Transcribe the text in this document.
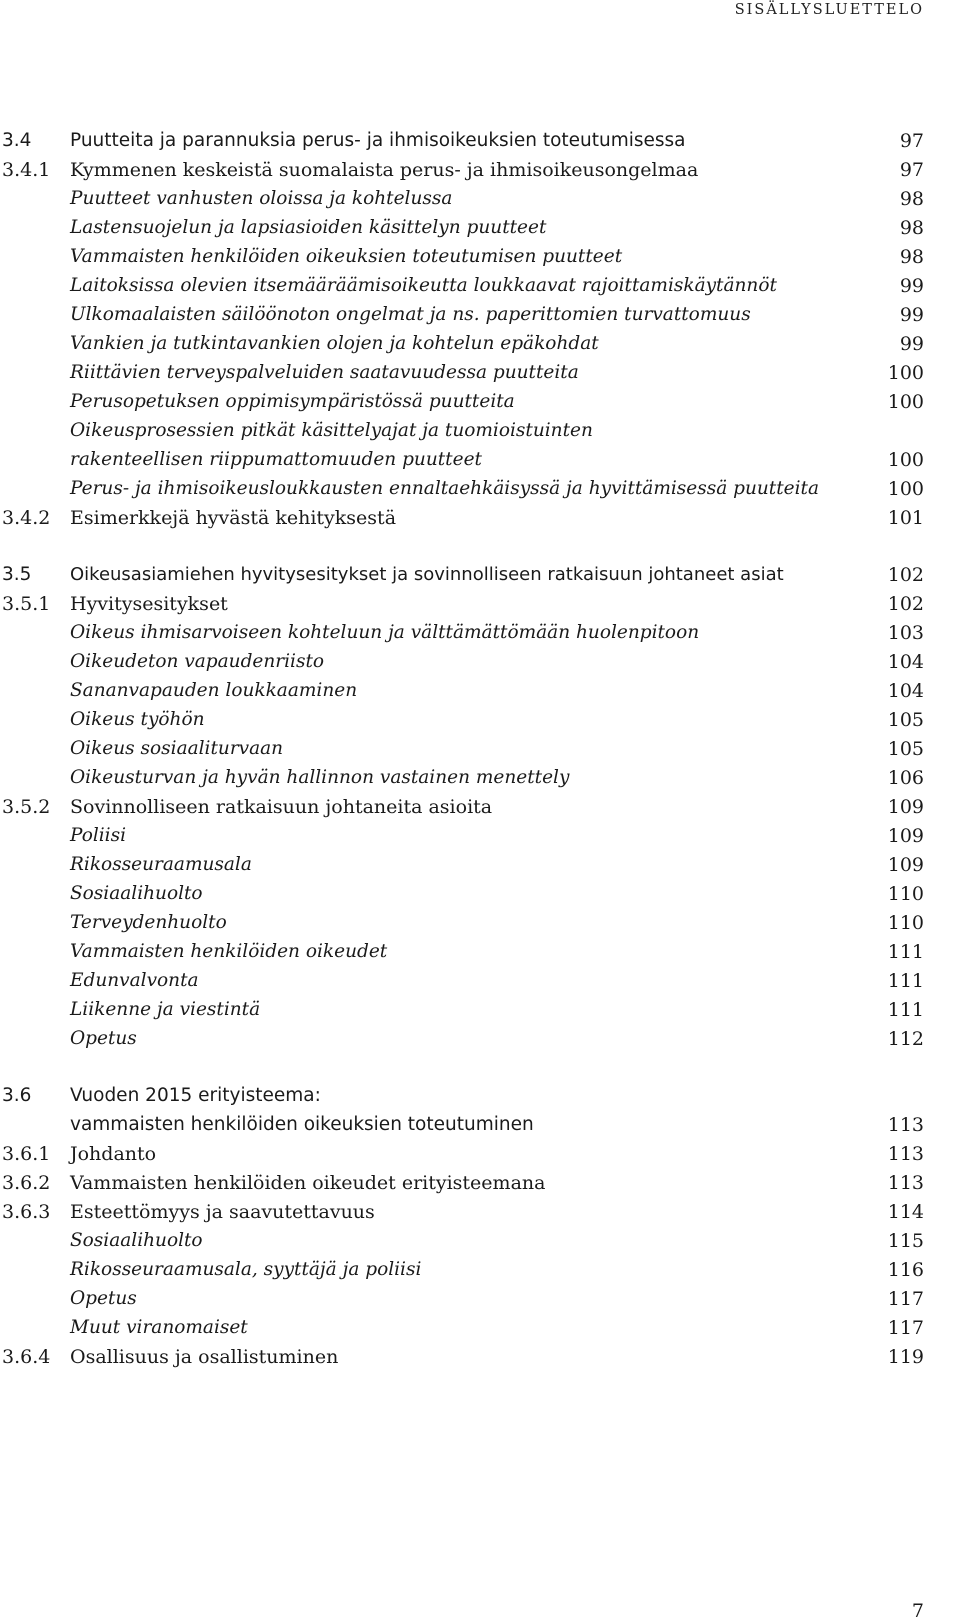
SISÄLLYSLUETTELO
3.4 Puutteita ja parannuksia perus- ja ihmisoikeuksien toteutumisessa	97
3.4.1 Kymmenen keskeistä suomalaista perus- ja ihmisoikeusongelmaa	97
Puutteet vanhusten oloissa ja kohtelussa	98
Lastensuojelun ja lapsiasioiden käsittelyn puutteet	98
Vammaisten henkilöiden oikeuksien toteutumisen puutteet	98
Laitoksissa olevien itsemääräämisoikeutta loukkaavat rajoittamiskäytännöt	99
Ulkomaalaisten säilöönoton ongelmat ja ns. paperittomien turvattomuus	99
Vankien ja tutkintavankien olojen ja kohtelun epäkohdat	99
Riittävien terveyspalveluiden saatavuudessa puutteita	100
Perusopetuksen oppimisympäristössä puutteita	100
Oikeusprosessien pitkät käsittelyajat ja tuomioistuinten
rakenteellisen riippumattomuuden puutteet	100
Perus- ja ihmisoikeusloukkausten ennaltaehkäisyssä ja hyvittämisessä puutteita	100
3.4.2 Esimerkkejä hyvästä kehityksestä	101
3.5 Oikeusasiamiehen hyvitysesitykset ja sovinnolliseen ratkaisuun johtaneet asiat	102
3.5.1 Hyvitysesitykset	102
Oikeus ihmisarvoiseen kohteluun ja välttämättömään huolenpitoon	103
Oikeudeton vapaudenriisto	104
Sananvapauden loukkaaminen	104
Oikeus työhön	105
Oikeus sosiaaliturvaan	105
Oikeusturvan ja hyvän hallinnon vastainen menettely	106
3.5.2 Sovinnolliseen ratkaisuun johtaneita asioita	109
Poliisi	109
Rikosseuraamusala	109
Sosiaalihuolto	110
Terveydenhuolto	110
Vammaisten henkilöiden oikeudet	111
Edunvalvonta	111
Liikenne ja viestintä	111
Opetus	112
3.6 Vuoden 2015 erityisteema:
vammaisten henkilöiden oikeuksien toteutuminen	113
3.6.1 Johdanto	113
3.6.2 Vammaisten henkilöiden oikeudet erityisteemana	113
3.6.3 Esteettömyys ja saavutettavuus	114
Sosiaalihuolto	115
Rikosseuraamusala, syyttäjä ja poliisi	116
Opetus	117
Muut viranomaiset	117
3.6.4 Osallisuus ja osallistuminen	119
7
